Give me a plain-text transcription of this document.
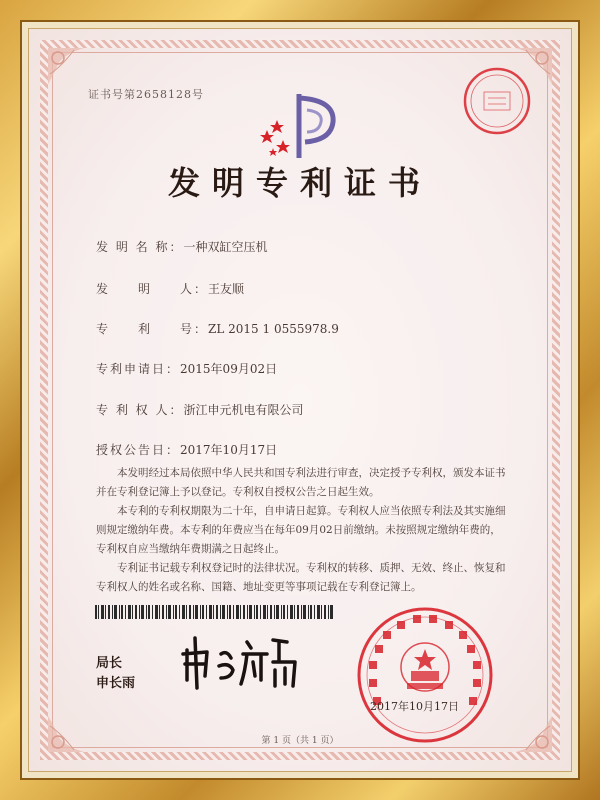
证书号第2658128号
发明专利证书
发 明 名 称：一种双缸空压机
发　　明　　人：王友顺
专　　利　　号：ZL 2015 1 0555978.9
专利申请日：2015年09月02日
专 利 权 人：浙江申元机电有限公司
授权公告日：2017年10月17日

本发明经过本局依照中华人民共和国专利法进行审查，决定授予专利权，颁发本证书并在专利登记簿上予以登记。专利权自授权公告之日起生效。

本专利的专利权期限为二十年，自申请日起算。专利权人应当依照专利法及其实施细则规定缴纳年费。本专利的年费应当在每年09月02日前缴纳。未按照规定缴纳年费的，专利权自应当缴纳年费期满之日起终止。

专利证书记载专利权登记时的法律状况。专利权的转移、质押、无效、终止、恢复和专利权人的姓名或名称、国籍、地址变更等事项记载在专利登记簿上。

局长
申长雨
2017年10月17日
第 1 页（共 1 页）
